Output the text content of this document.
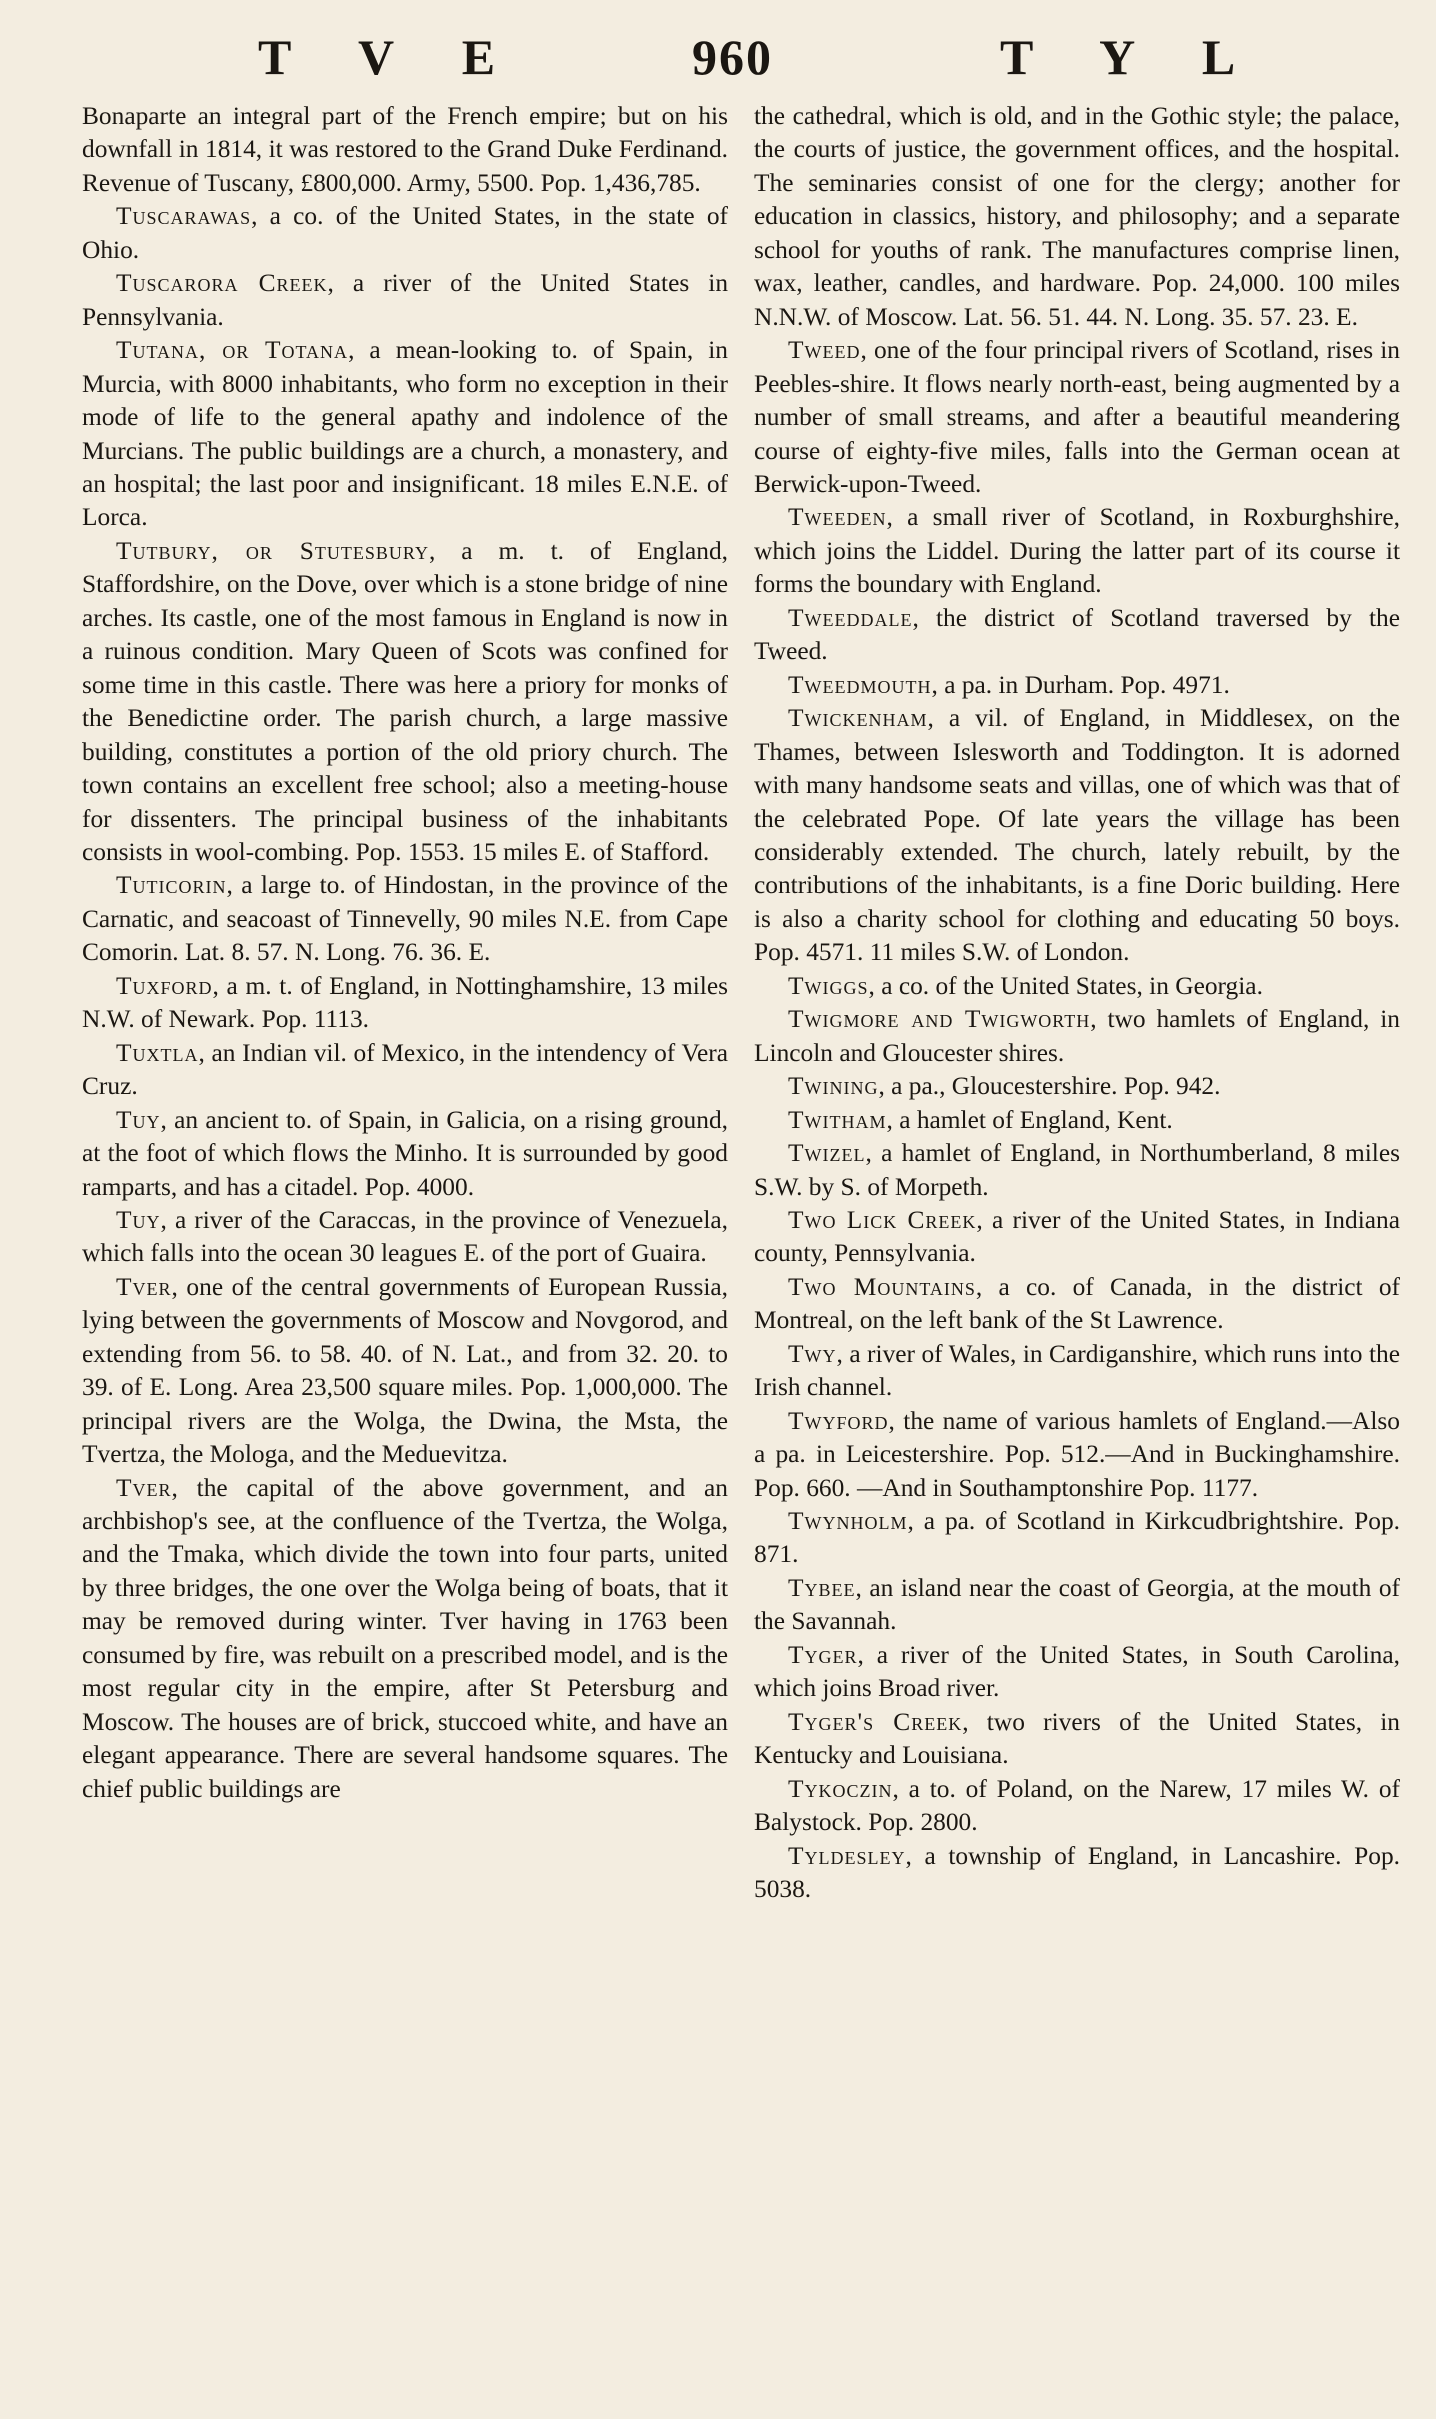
T V E	960	T Y L

Bonaparte an integral part of the French empire; but on his downfall in 1814, it was restored to the Grand Duke Ferdinand. Revenue of Tuscany, £800,000. Army, 5500. Pop. 1,436,785.

Tuscarawas, a co. of the United States, in the state of Ohio.

Tuscarora Creek, a river of the United States in Pennsylvania.

Tutana, or Totana, a mean-looking to. of Spain, in Murcia, with 8000 inhabitants, who form no exception in their mode of life to the general apathy and indolence of the Murcians. The public buildings are a church, a monastery, and an hospital; the last poor and insignificant. 18 miles E.N.E. of Lorca.

Tutbury, or Stutesbury, a m. t. of England, Staffordshire, on the Dove, over which is a stone bridge of nine arches. Its castle, one of the most famous in England is now in a ruinous condition. Mary Queen of Scots was confined for some time in this castle. There was here a priory for monks of the Benedictine order. The parish church, a large massive building, constitutes a portion of the old priory church. The town contains an excellent free school; also a meeting-house for dissenters. The principal business of the inhabitants consists in wool-combing. Pop. 1553. 15 miles E. of Stafford.

Tuticorin, a large to. of Hindostan, in the province of the Carnatic, and seacoast of Tinnevelly, 90 miles N.E. from Cape Comorin. Lat. 8. 57. N. Long. 76. 36. E.

Tuxford, a m. t. of England, in Nottinghamshire, 13 miles N.W. of Newark. Pop. 1113.

Tuxtla, an Indian vil. of Mexico, in the intendency of Vera Cruz.

Tuy, an ancient to. of Spain, in Galicia, on a rising ground, at the foot of which flows the Minho. It is surrounded by good ramparts, and has a citadel. Pop. 4000.

Tuy, a river of the Caraccas, in the province of Venezuela, which falls into the ocean 30 leagues E. of the port of Guaira.

Tver, one of the central governments of European Russia, lying between the governments of Moscow and Novgorod, and extending from 56. to 58. 40. of N. Lat., and from 32. 20. to 39. of E. Long. Area 23,500 square miles. Pop. 1,000,000. The principal rivers are the Wolga, the Dwina, the Msta, the Tvertza, the Mologa, and the Meduevitza.

Tver, the capital of the above government, and an archbishop's see, at the confluence of the Tvertza, the Wolga, and the Tmaka, which divide the town into four parts, united by three bridges, the one over the Wolga being of boats, that it may be removed during winter. Tver having in 1763 been consumed by fire, was rebuilt on a prescribed model, and is the most regular city in the empire, after St Petersburg and Moscow. The houses are of brick, stuccoed white, and have an elegant appearance. There are several handsome squares. The chief public buildings are

the cathedral, which is old, and in the Gothic style; the palace, the courts of justice, the government offices, and the hospital. The seminaries consist of one for the clergy; another for education in classics, history, and philosophy; and a separate school for youths of rank. The manufactures comprise linen, wax, leather, candles, and hardware. Pop. 24,000. 100 miles N.N.W. of Moscow. Lat. 56. 51. 44. N. Long. 35. 57. 23. E.

Tweed, one of the four principal rivers of Scotland, rises in Peebles-shire. It flows nearly north-east, being augmented by a number of small streams, and after a beautiful meandering course of eighty-five miles, falls into the German ocean at Berwick-upon-Tweed.

Tweeden, a small river of Scotland, in Roxburghshire, which joins the Liddel. During the latter part of its course it forms the boundary with England.

Tweeddale, the district of Scotland traversed by the Tweed.

Tweedmouth, a pa. in Durham. Pop. 4971.

Twickenham, a vil. of England, in Middlesex, on the Thames, between Islesworth and Toddington. It is adorned with many handsome seats and villas, one of which was that of the celebrated Pope. Of late years the village has been considerably extended. The church, lately rebuilt, by the contributions of the inhabitants, is a fine Doric building. Here is also a charity school for clothing and educating 50 boys. Pop. 4571. 11 miles S.W. of London.

Twiggs, a co. of the United States, in Georgia.

Twigmore and Twigworth, two hamlets of England, in Lincoln and Gloucester shires.

Twining, a pa., Gloucestershire. Pop. 942.

Twitham, a hamlet of England, Kent.

Twizel, a hamlet of England, in Northumberland, 8 miles S.W. by S. of Morpeth.

Two Lick Creek, a river of the United States, in Indiana county, Pennsylvania.

Two Mountains, a co. of Canada, in the district of Montreal, on the left bank of the St Lawrence.

Twy, a river of Wales, in Cardiganshire, which runs into the Irish channel.

Twyford, the name of various hamlets of England.—Also a pa. in Leicestershire. Pop. 512.—And in Buckinghamshire. Pop. 660. —And in Southamptonshire Pop. 1177.

Twynholm, a pa. of Scotland in Kirkcudbrightshire. Pop. 871.

Tybee, an island near the coast of Georgia, at the mouth of the Savannah.

Tyger, a river of the United States, in South Carolina, which joins Broad river.

Tyger's Creek, two rivers of the United States, in Kentucky and Louisiana.

Tykoczin, a to. of Poland, on the Narew, 17 miles W. of Balystock. Pop. 2800.

Tyldesley, a township of England, in Lancashire. Pop. 5038.
